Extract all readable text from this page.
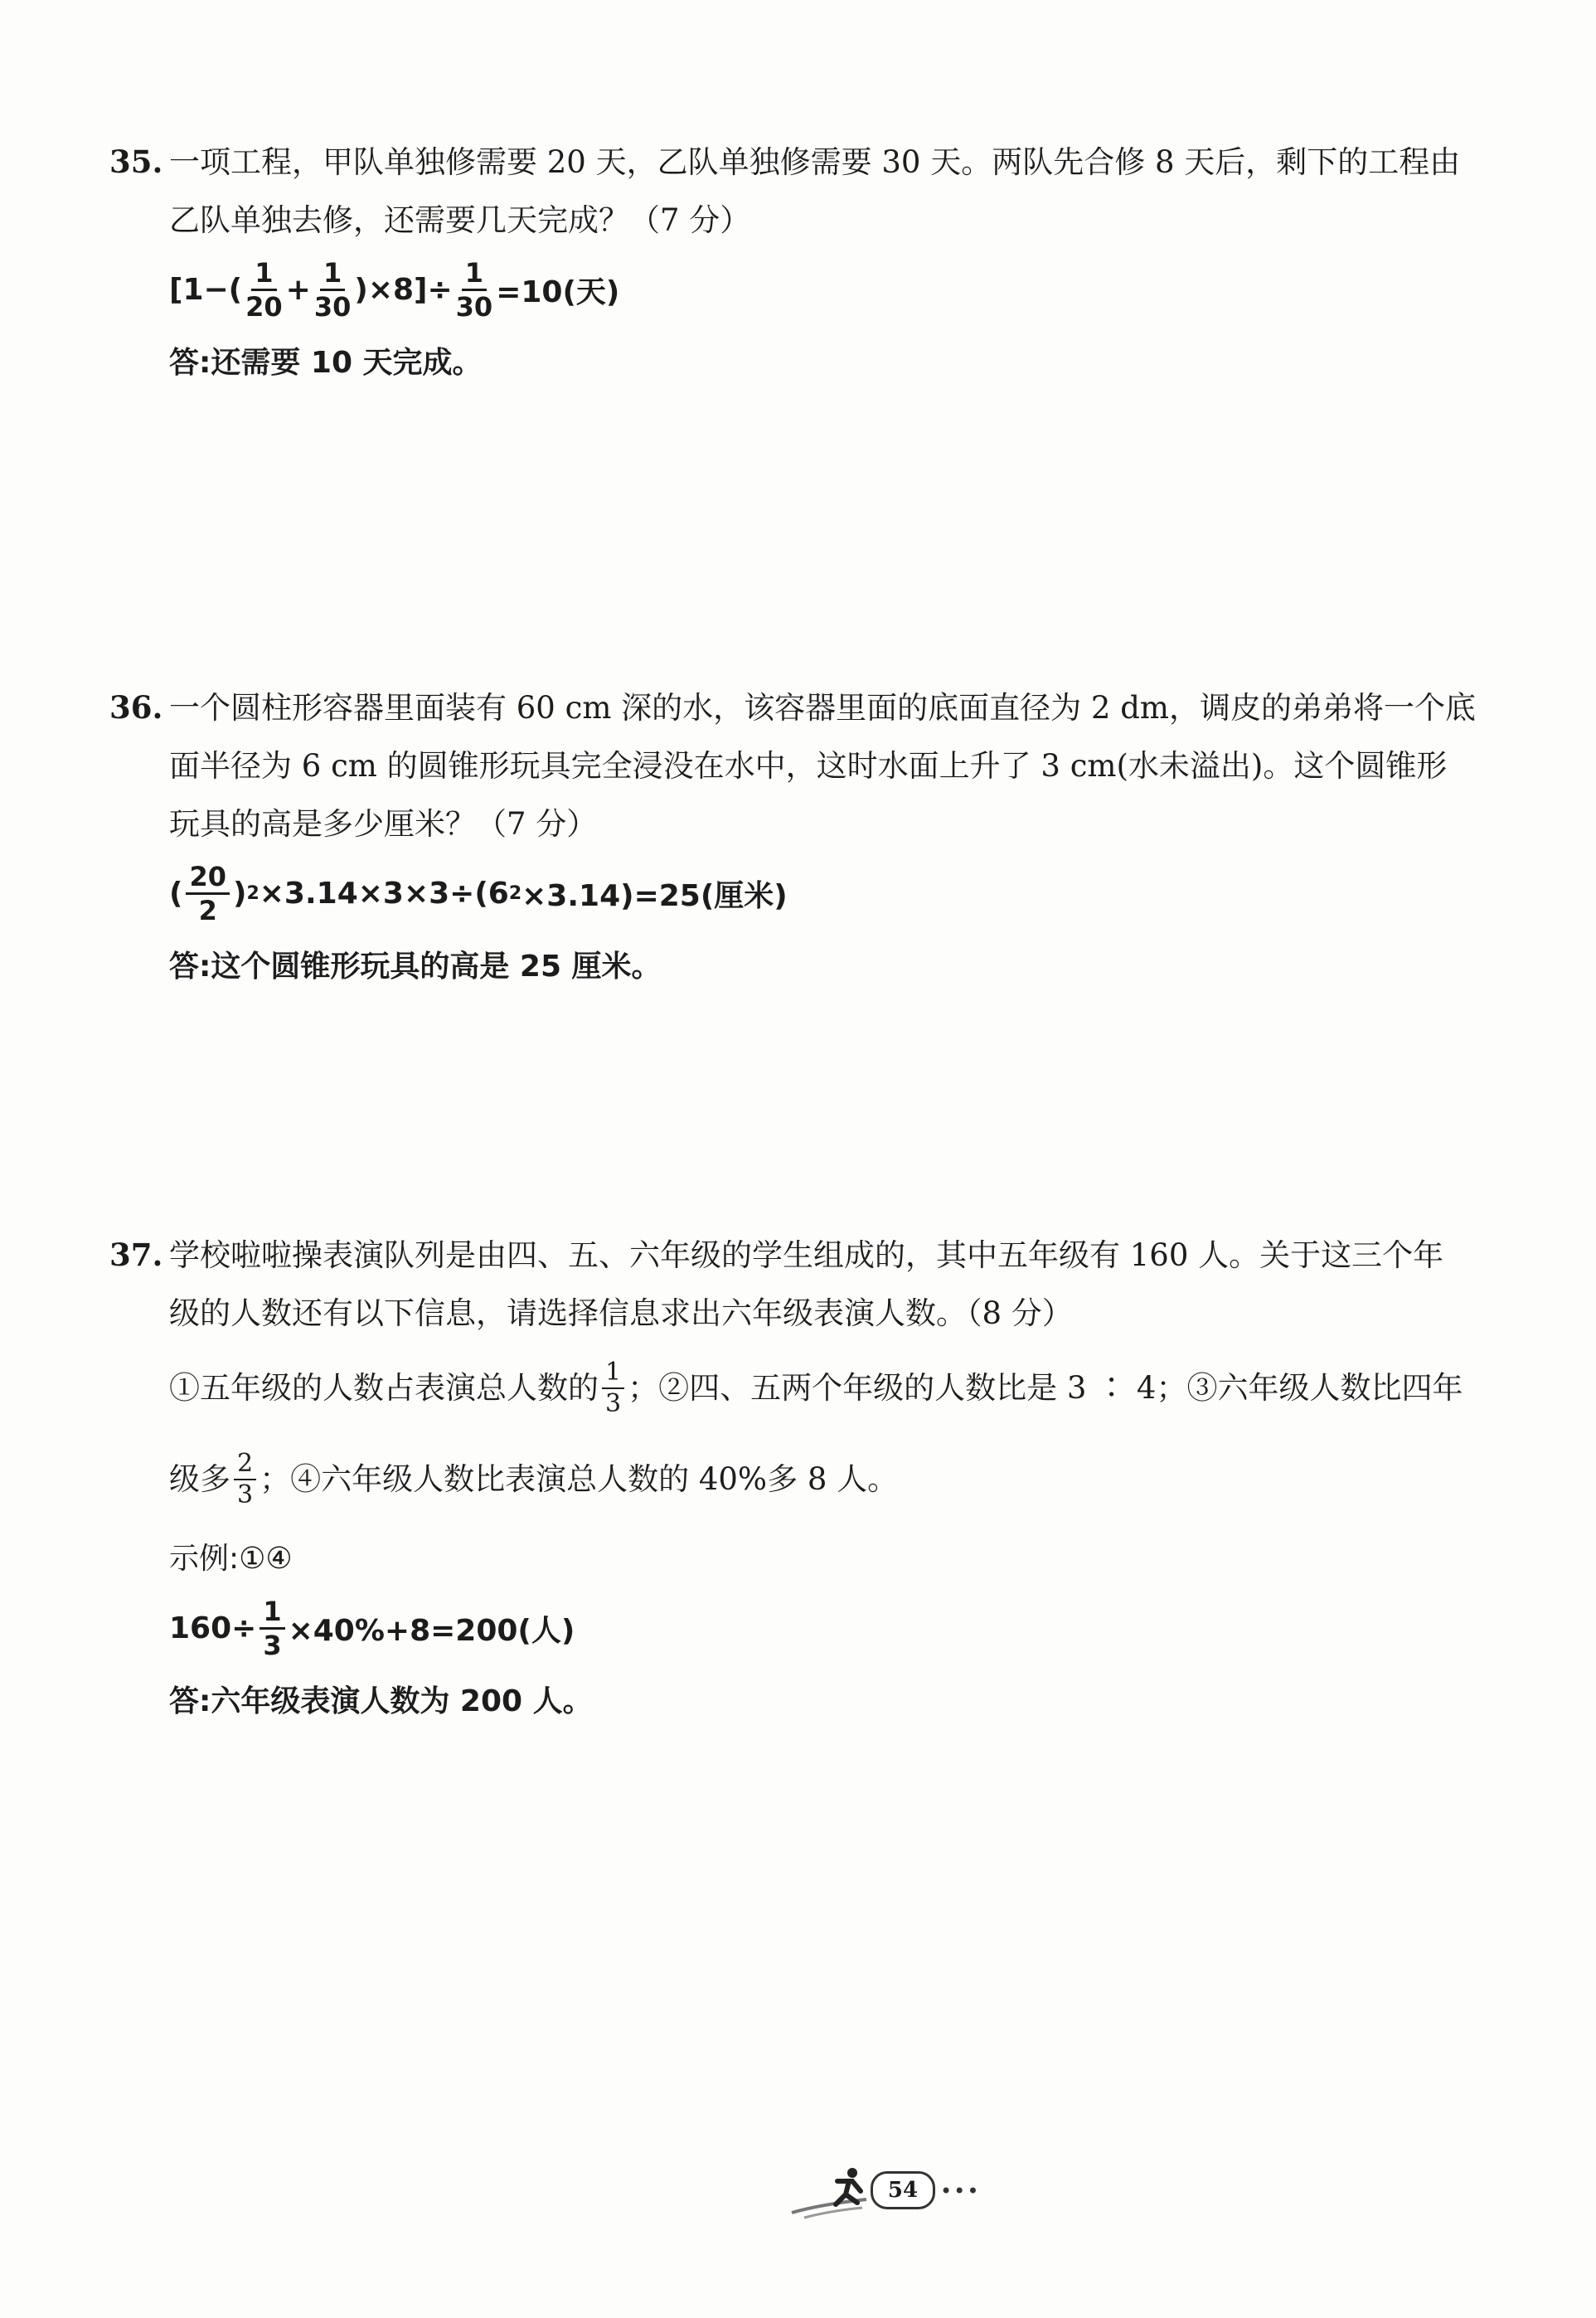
35. 一项工程，甲队单独修需要 20 天，乙队单独修需要 30 天。两队先合修 8 天后，剩下的工程由
乙队单独去修，还需要几天完成？（7 分）
$[1-( \frac{1}{20} + \frac{1}{30} )\times 8]\div \frac{1}{30} =10$(天)
答:还需要 10 天完成。
36. 一个圆柱形容器里面装有 60 cm 深的水，该容器里面的底面直径为 2 dm，调皮的弟弟将一个底
面半径为 6 cm 的圆锥形玩具完全浸没在水中，这时水面上升了 3 cm(水未溢出)。这个圆锥形
玩具的高是多少厘米？（7 分）
( $\frac{20}{2}$ ) 2 ×3.14×3×3÷(6 2 ×3.14)=25(厘米)
答:这个圆锥形玩具的高是 25 厘米。
37. 学校啦啦操表演队列是由四、五、六年级的学生组成的，其中五年级有 160 人。关于这三个年
级的人数还有以下信息，请选择信息求出六年级表演人数。（8 分）
①五年级的人数占表演总人数的 $\frac{1}{3}$ ；②四、五两个年级的人数比是 3 ∶ 4；③六年级人数比四年
级多 $\frac{2}{3}$ ；④六年级人数比表演总人数的 40%多 8 人。
示例:①④
$160\div \frac{1}{3} \times 40\%+8=200$(人)
答:六年级表演人数为 200 人。
54	•••
